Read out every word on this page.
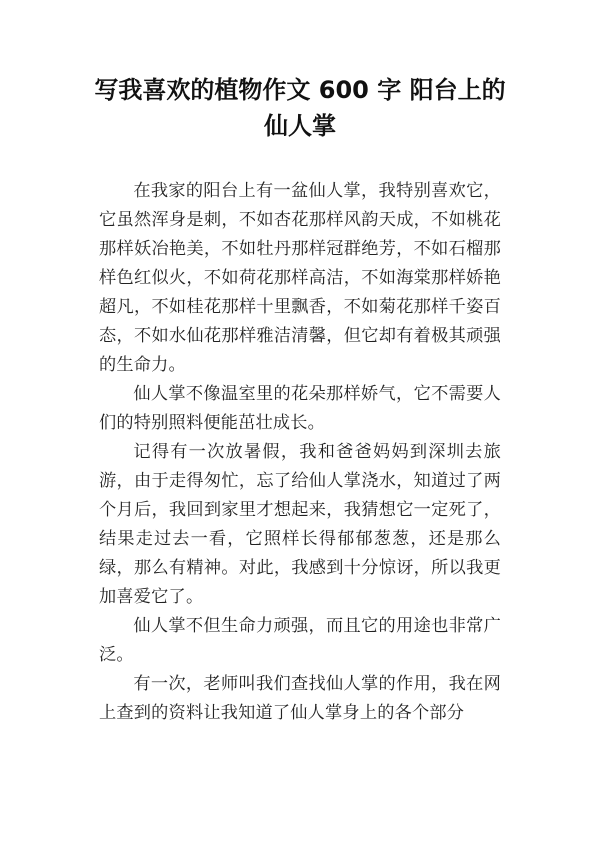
写我喜欢的植物作文 600 字 阳台上的
仙人掌

在我家的阳台上有一盆仙人掌，我特别喜欢它，它虽然浑身是刺，不如杏花那样风韵天成，不如桃花那样妖冶艳美，不如牡丹那样冠群绝芳，不如石榴那样色红似火，不如荷花那样高洁，不如海棠那样娇艳超凡，不如桂花那样十里飘香，不如菊花那样千姿百态，不如水仙花那样雅洁清馨，但它却有着极其顽强的生命力。

仙人掌不像温室里的花朵那样娇气，它不需要人们的特别照料便能茁壮成长。

记得有一次放暑假，我和爸爸妈妈到深圳去旅游，由于走得匆忙，忘了给仙人掌浇水，知道过了两个月后，我回到家里才想起来，我猜想它一定死了，结果走过去一看，它照样长得郁郁葱葱，还是那么绿，那么有精神。对此，我感到十分惊讶，所以我更加喜爱它了。

仙人掌不但生命力顽强，而且它的用途也非常广泛。

有一次，老师叫我们查找仙人掌的作用，我在网上查到的资料让我知道了仙人掌身上的各个部分
